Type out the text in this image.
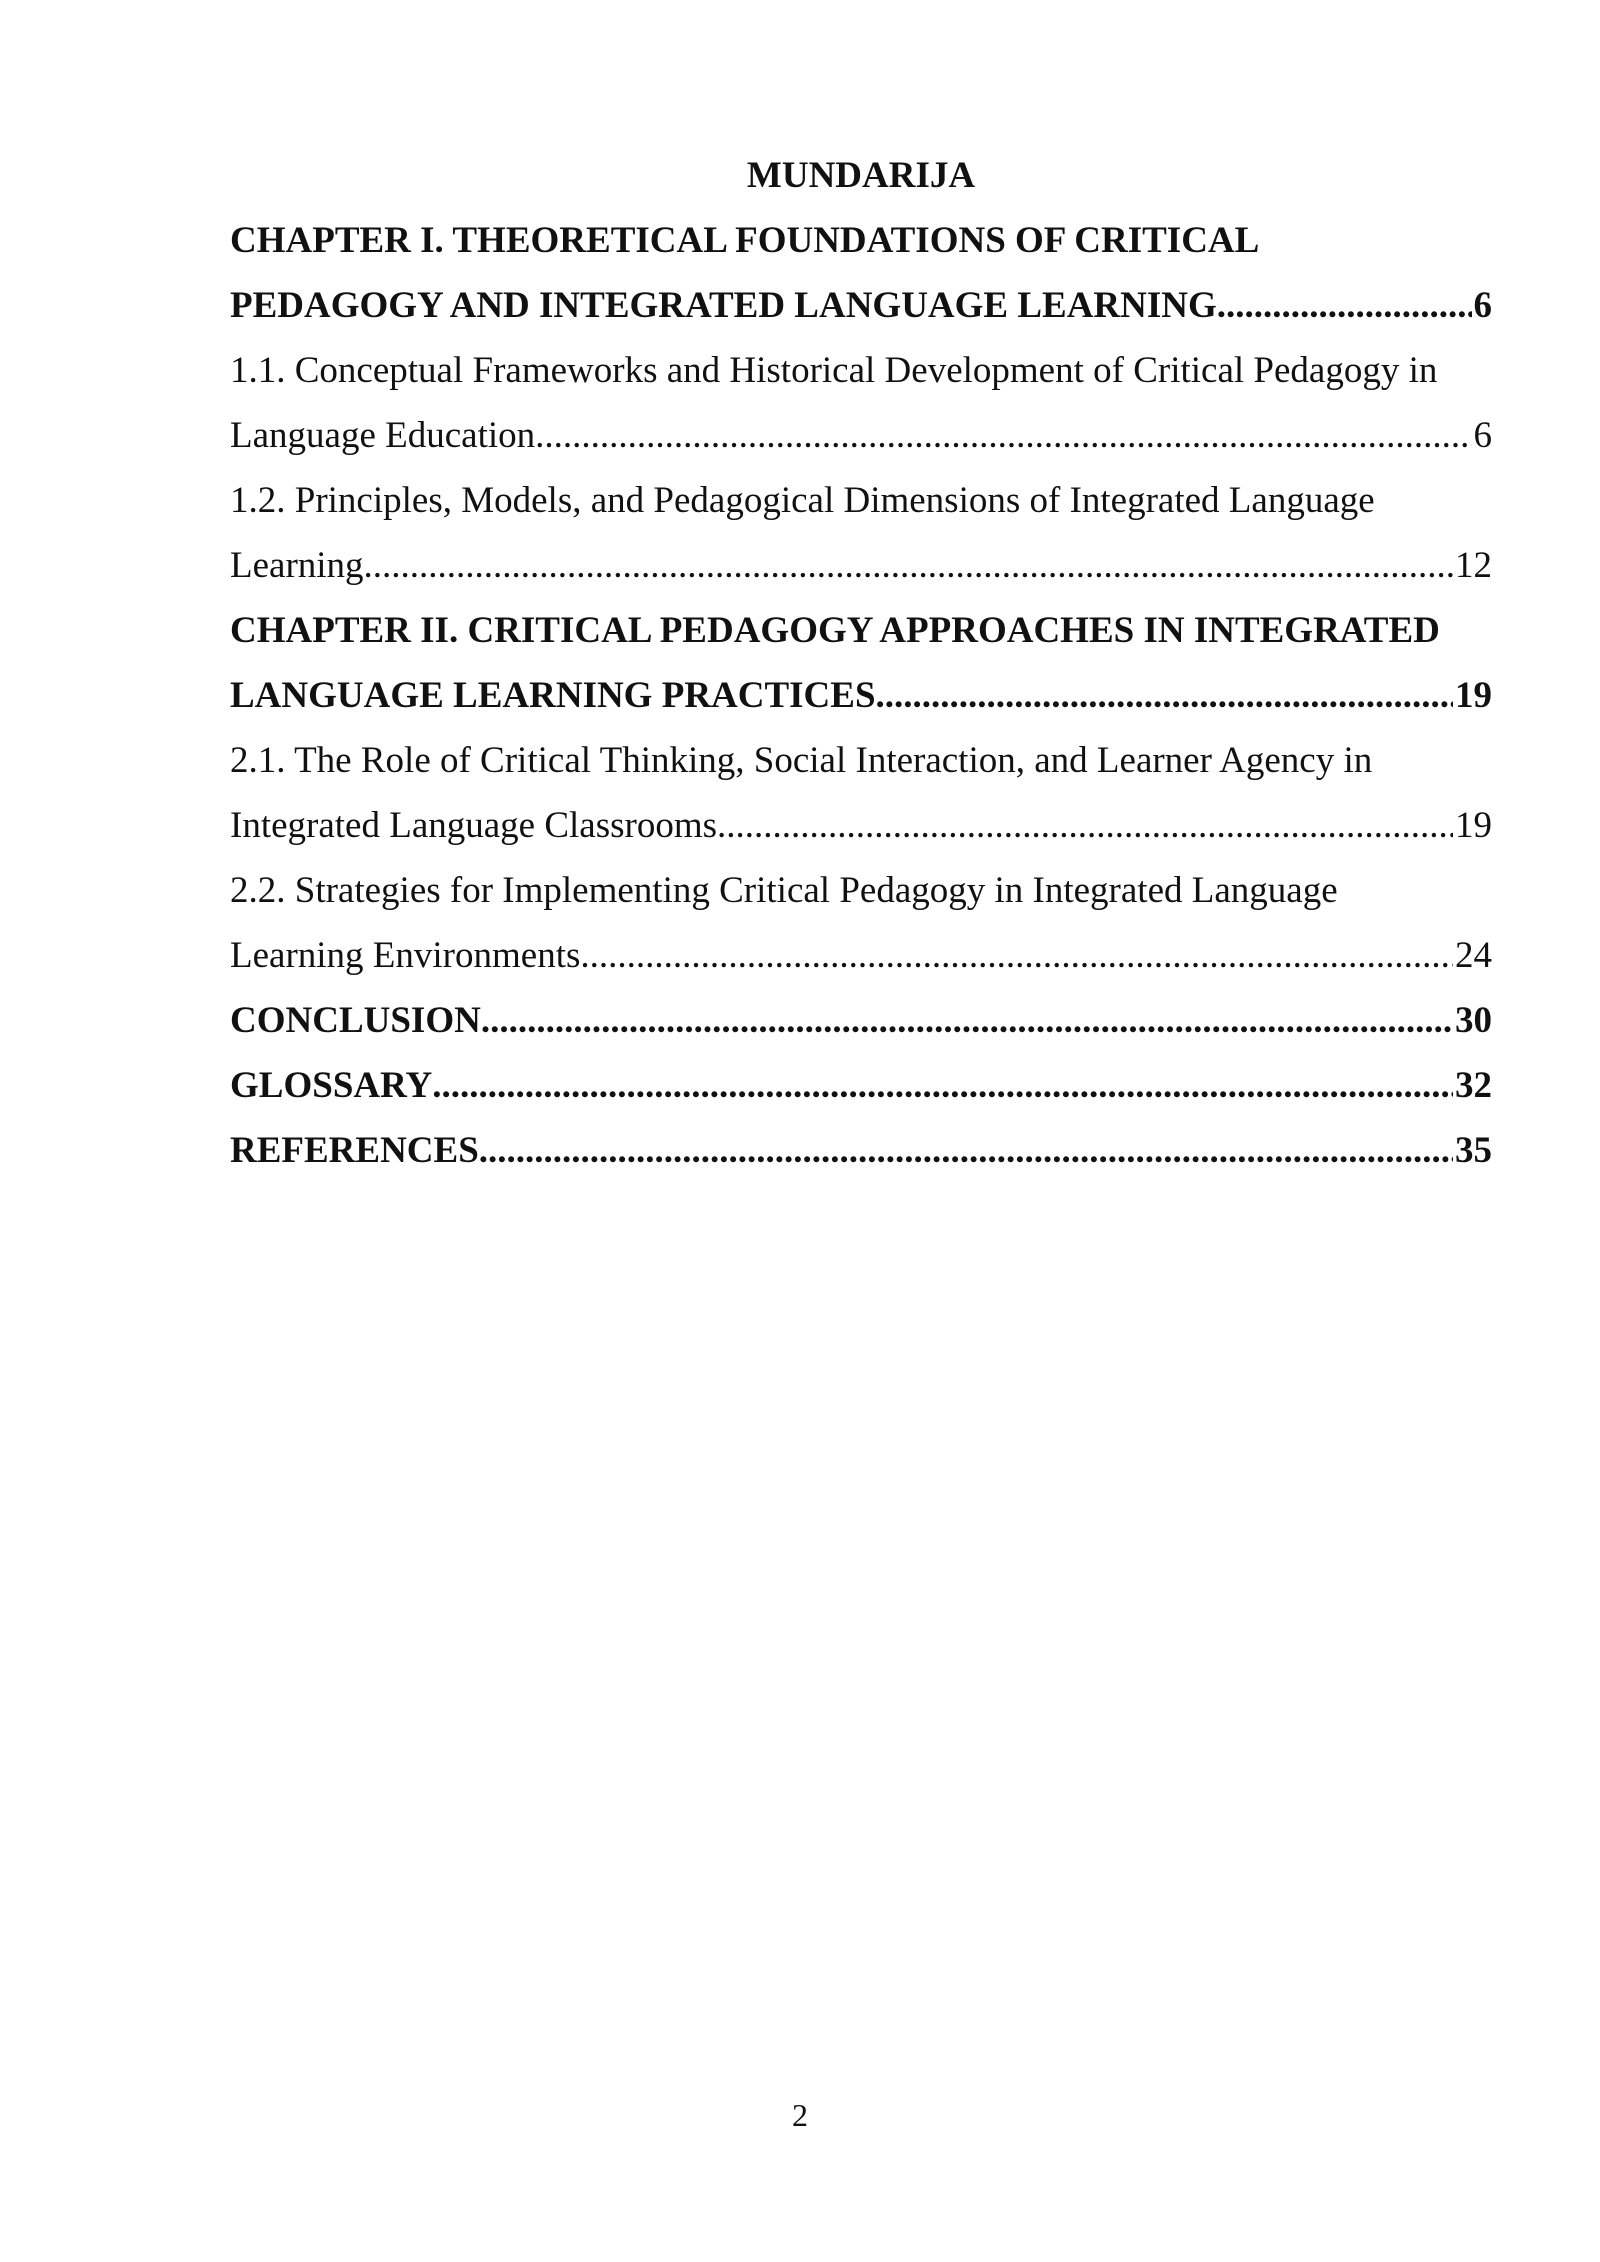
MUNDARIJA
CHAPTER I. THEORETICAL FOUNDATIONS OF CRITICAL
PEDAGOGY AND INTEGRATED LANGUAGE LEARNING .....	6
1.1. Conceptual Frameworks and Historical Development of Critical Pedagogy in
Language Education .....	6
1.2. Principles, Models, and Pedagogical Dimensions of Integrated Language
Learning .....	12
CHAPTER II. CRITICAL PEDAGOGY APPROACHES IN INTEGRATED
LANGUAGE LEARNING PRACTICES .....	19
2.1. The Role of Critical Thinking, Social Interaction, and Learner Agency in
Integrated Language Classrooms .....	19
2.2. Strategies for Implementing Critical Pedagogy in Integrated Language
Learning Environments .....	24
CONCLUSION .....	30
GLOSSARY .....	32
REFERENCES .....	35
2
